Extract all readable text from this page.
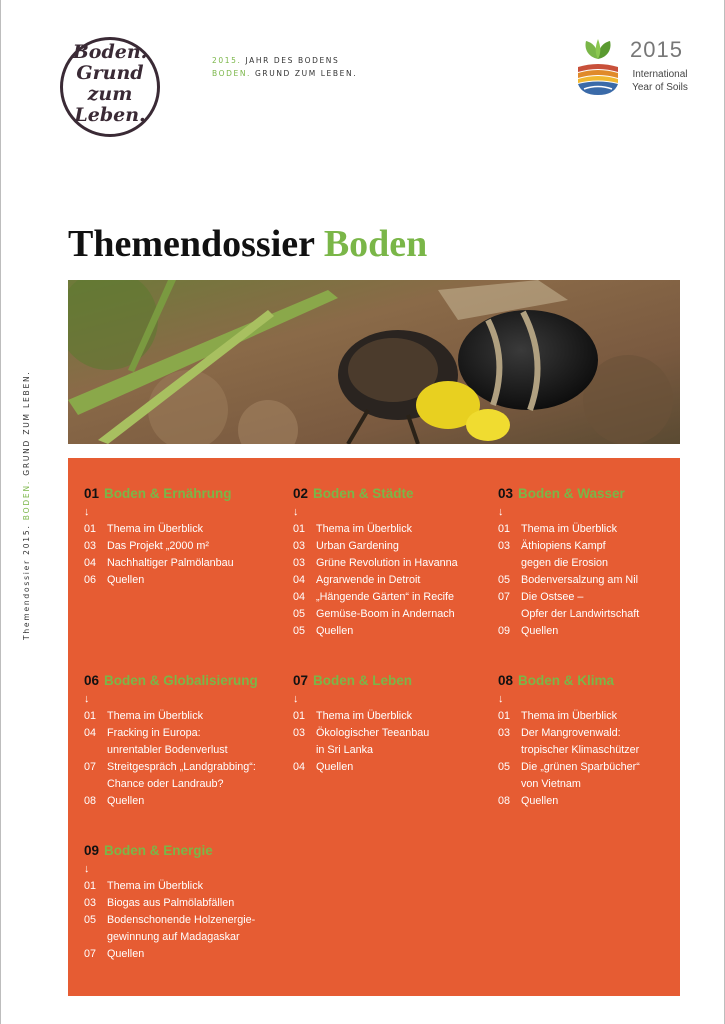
Boden.
Grund
zum
Leben.
2015. JAHR DES BODENS
BODEN. GRUND ZUM LEBEN.
2015
International
Year of Soils
Themendossier Boden
Themendossier 2015. BODEN. GRUND ZUM LEBEN.
01 Boden & Ernährung
↓
01	Thema im Überblick
03	Das Projekt „2000 m²
04	Nachhaltiger Palmölanbau
06	Quellen
02 Boden & Städte
↓
01	Thema im Überblick
03	Urban Gardening
03	Grüne Revolution in Havanna
04	Agrarwende in Detroit
04	„Hängende Gärten“ in Recife
05	Gemüse-Boom in Andernach
05	Quellen
03 Boden & Wasser
↓
01	Thema im Überblick
03	Äthiopiens Kampf
gegen die Erosion
05	Bodenversalzung am Nil
07	Die Ostsee –
Opfer der Landwirtschaft
09	Quellen
06 Boden & Globalisierung
↓
01	Thema im Überblick
04	Fracking in Europa:
unrentabler Bodenverlust
07	Streitgespräch „Landgrabbing“:
Chance oder Landraub?
08	Quellen
07 Boden & Leben
↓
01	Thema im Überblick
03	Ökologischer Teeanbau
in Sri Lanka
04	Quellen
08 Boden & Klima
↓
01	Thema im Überblick
03	Der Mangrovenwald:
tropischer Klimaschützer
05	Die „grünen Sparbücher“
von Vietnam
08	Quellen
09 Boden & Energie
↓
01	Thema im Überblick
03	Biogas aus Palmölabfällen
05	Bodenschonende Holzenergie-
gewinnung auf Madagaskar
07	Quellen
